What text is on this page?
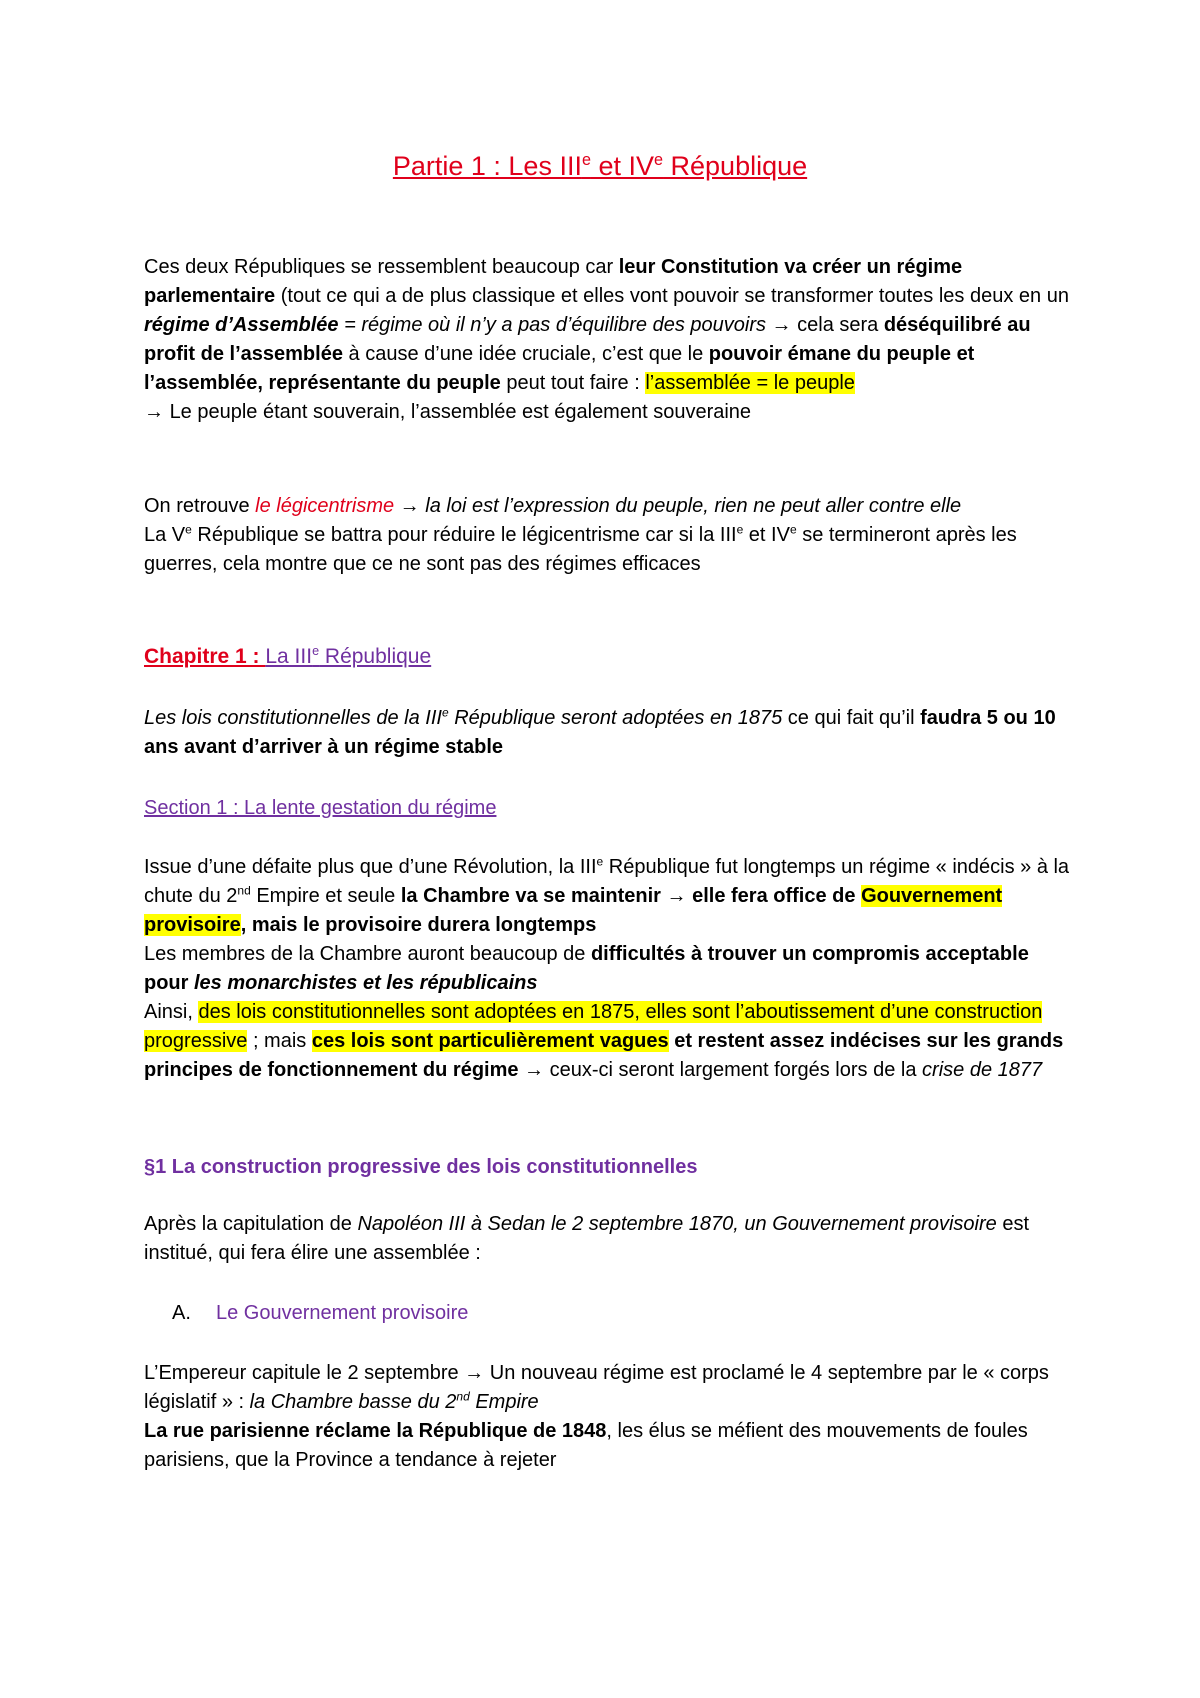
Partie 1 : Les IIIe et IVe République
Ces deux Républiques se ressemblent beaucoup car leur Constitution va créer un régime parlementaire (tout ce qui a de plus classique et elles vont pouvoir se transformer toutes les deux en un régime d’Assemblée = régime où il n’y a pas d’équilibre des pouvoirs → cela sera déséquilibré au profit de l’assemblée à cause d’une idée cruciale, c’est que le pouvoir émane du peuple et l’assemblée, représentante du peuple peut tout faire : l’assemblée = le peuple
→ Le peuple étant souverain, l’assemblée est également souveraine
On retrouve le légicentrisme → la loi est l’expression du peuple, rien ne peut aller contre elle
La Ve République se battra pour réduire le légicentrisme car si la IIIe et IVe se termineront après les guerres, cela montre que ce ne sont pas des régimes efficaces
Chapitre 1 : La IIIe République
Les lois constitutionnelles de la IIIe République seront adoptées en 1875 ce qui fait qu’il faudra 5 ou 10 ans avant d’arriver à un régime stable
Section 1 : La lente gestation du régime
Issue d’une défaite plus que d’une Révolution, la IIIe République fut longtemps un régime « indécis » à la chute du 2nd Empire et seule la Chambre va se maintenir → elle fera office de Gouvernement provisoire, mais le provisoire durera longtemps
Les membres de la Chambre auront beaucoup de difficultés à trouver un compromis acceptable pour les monarchistes et les républicains
Ainsi, des lois constitutionnelles sont adoptées en 1875, elles sont l’aboutissement d’une construction progressive ; mais ces lois sont particulièrement vagues et restent assez indécises sur les grands principes de fonctionnement du régime → ceux-ci seront largement forgés lors de la crise de 1877
§1 La construction progressive des lois constitutionnelles
Après la capitulation de Napoléon III à Sedan le 2 septembre 1870, un Gouvernement provisoire est institué, qui fera élire une assemblée :
A. Le Gouvernement provisoire
L’Empereur capitule le 2 septembre → Un nouveau régime est proclamé le 4 septembre par le « corps législatif » : la Chambre basse du 2nd Empire
La rue parisienne réclame la République de 1848, les élus se méfient des mouvements de foules parisiens, que la Province a tendance à rejeter
